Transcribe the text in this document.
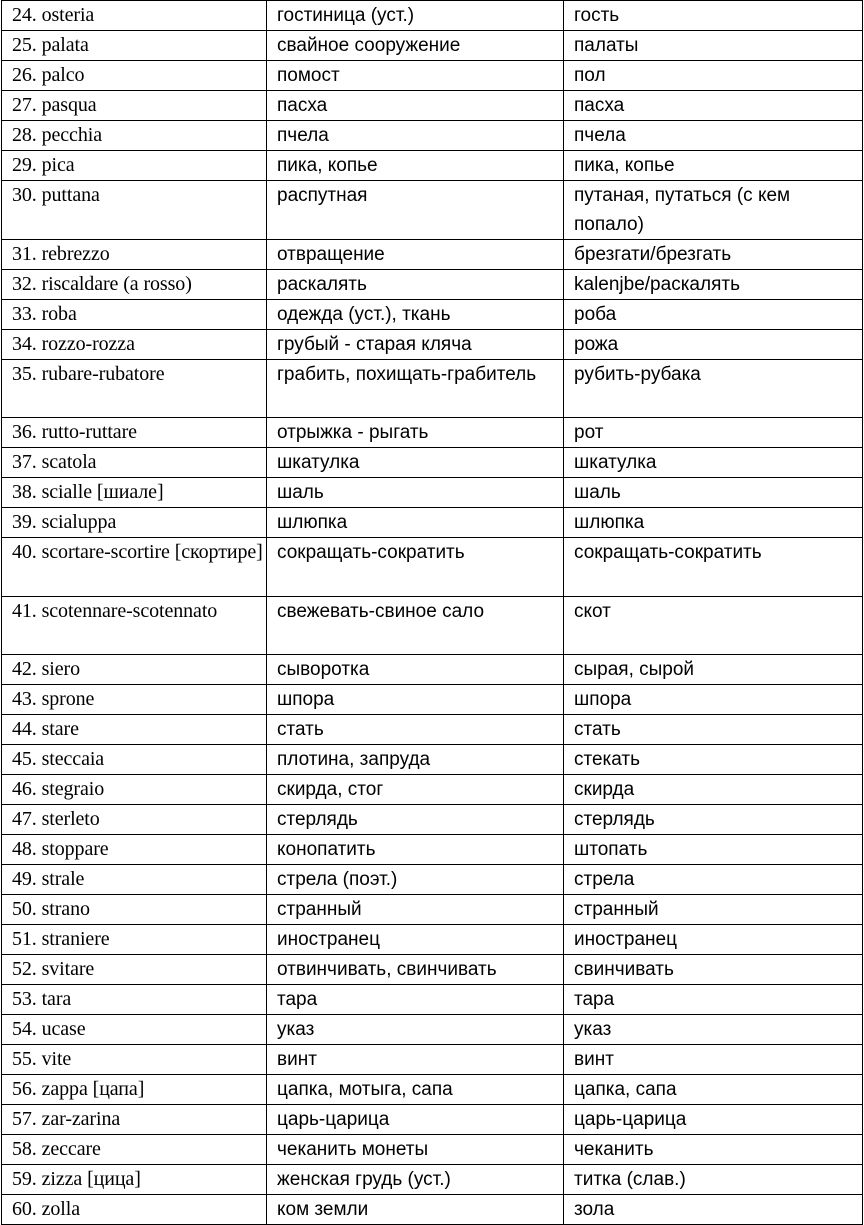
24. osteria	гостиница (уст.)	гость
25. palata	свайное сооружение	палаты
26. palco	помост	пол
27. pasqua	пасха	пасха
28. pecchia	пчела	пчела
29. pica	пика, копье	пика, копье
30. puttana	распутная	путаная, путаться (с кем попало)
31. rebrezzo	отвращение	брезгати/брезгать
32. riscaldare (a rosso)	раскалять	kalenjbe/раскалять
33. roba	одежда (уст.), ткань	роба
34. rozzo-rozza	грубый - старая кляча	рожа
35. rubare-rubatore	грабить, похищать-грабитель	рубить-рубака
36. rutto-ruttare	отрыжка - рыгать	рот
37. scatola	шкатулка	шкатулка
38. scialle [шиале]	шаль	шаль
39. scialuppa	шлюпка	шлюпка
40. scortare-scortire [скортире]	сокращать-сократить	сокращать-сократить
41. scotennare-scotennato	свежевать-свиное сало	скот
42. siero	сыворотка	сырая, сырой
43. sprone	шпора	шпора
44. stare	стать	стать
45. steccaia	плотина, запруда	стекать
46. stegraio	скирда, стог	скирда
47. sterleto	стерлядь	стерлядь
48. stoppare	конопатить	штопать
49. strale	стрела (поэт.)	стрела
50. strano	странный	странный
51. straniere	иностранец	иностранец
52. svitare	отвинчивать, свинчивать	свинчивать
53. tara	тара	тара
54. ucase	указ	указ
55. vite	винт	винт
56. zappa [цапа]	цапка, мотыга, сапа	цапка, сапа
57. zar-zarina	царь-царица	царь-царица
58. zeccare	чеканить монеты	чеканить
59. zizza [цица]	женская грудь (уст.)	титка (слав.)
60. zolla	ком земли	зола
